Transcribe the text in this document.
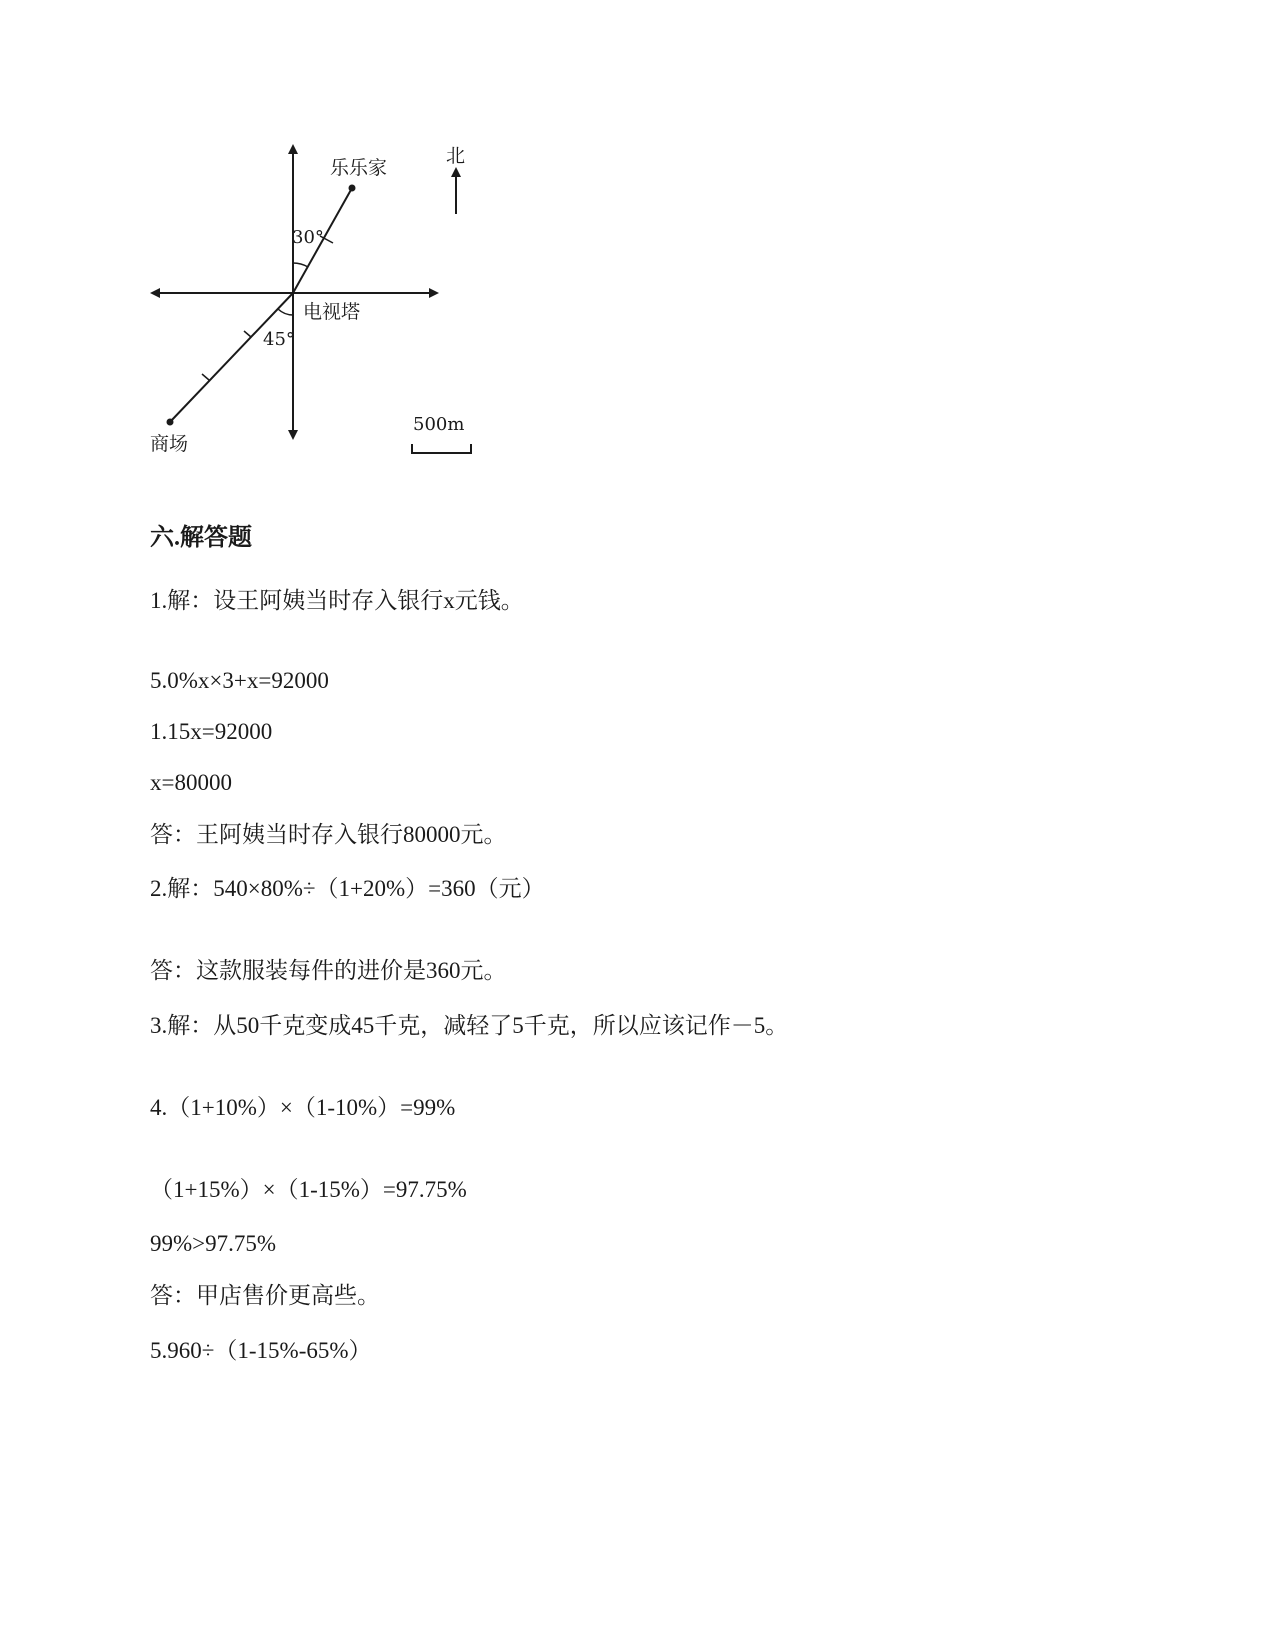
乐乐家
北
30°
电视塔
45°
商场
500m

六.解答题

1.解：设王阿姨当时存入银行x元钱。

5.0%x×3+x=92000

1.15x=92000

x=80000

答：王阿姨当时存入银行80000元。

2.解：540×80%÷（1+20%）=360（元）

答：这款服装每件的进价是360元。

3.解：从50千克变成45千克，减轻了5千克，所以应该记作－5。

4.（1+10%）×（1-10%）=99%

（1+15%）×（1-15%）=97.75%

99%>97.75%

答：甲店售价更高些。

5.960÷（1-15%-65%）
